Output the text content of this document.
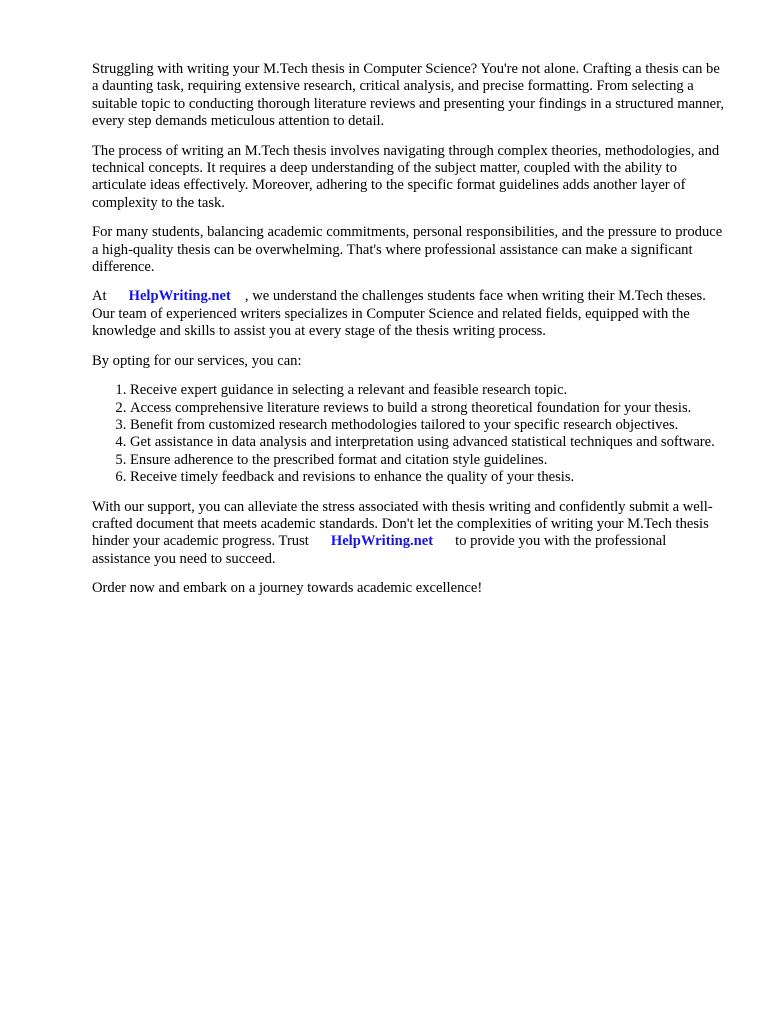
Struggling with writing your M.Tech thesis in Computer Science? You're not alone. Crafting a thesis can be a daunting task, requiring extensive research, critical analysis, and precise formatting. From selecting a suitable topic to conducting thorough literature reviews and presenting your findings in a structured manner, every step demands meticulous attention to detail.

The process of writing an M.Tech thesis involves navigating through complex theories, methodologies, and technical concepts. It requires a deep understanding of the subject matter, coupled with the ability to articulate ideas effectively. Moreover, adhering to the specific format guidelines adds another layer of complexity to the task.

For many students, balancing academic commitments, personal responsibilities, and the pressure to produce a high-quality thesis can be overwhelming. That's where professional assistance can make a significant difference.

At HelpWriting.net , we understand the challenges students face when writing their M.Tech theses. Our team of experienced writers specializes in Computer Science and related fields, equipped with the knowledge and skills to assist you at every stage of the thesis writing process.

By opting for our services, you can:

1. Receive expert guidance in selecting a relevant and feasible research topic.
2. Access comprehensive literature reviews to build a strong theoretical foundation for your thesis.
3. Benefit from customized research methodologies tailored to your specific research objectives.
4. Get assistance in data analysis and interpretation using advanced statistical techniques and software.
5. Ensure adherence to the prescribed format and citation style guidelines.
6. Receive timely feedback and revisions to enhance the quality of your thesis.

With our support, you can alleviate the stress associated with thesis writing and confidently submit a well-crafted document that meets academic standards. Don't let the complexities of writing your M.Tech thesis hinder your academic progress. Trust HelpWriting.net to provide you with the professional assistance you need to succeed.

Order now and embark on a journey towards academic excellence!
